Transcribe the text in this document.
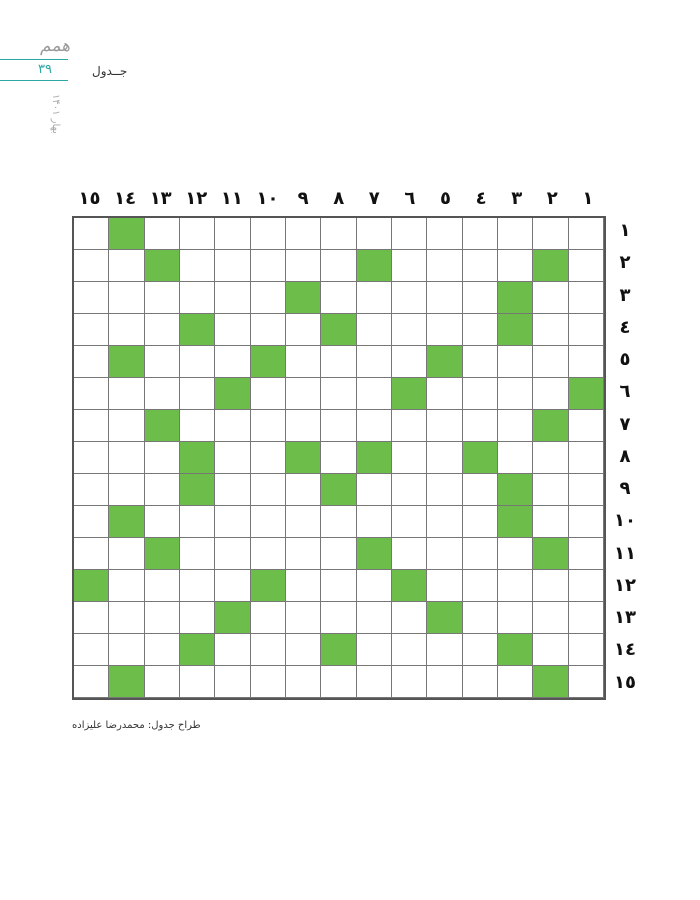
همم
۳۹	جــدول
بهار ۱۴۰۱
۱
۲
۳
٤
٥
٦
۷
۸
۹
۱۰
۱۱
۱۲
۱۳
۱٤
۱٥
۱
۲
۳
٤
٥
٦
۷
۸
۹
۱۰
۱۱
۱۲
۱۳
۱٤
۱٥
طراح جدول: محمدرضا علیزاده
